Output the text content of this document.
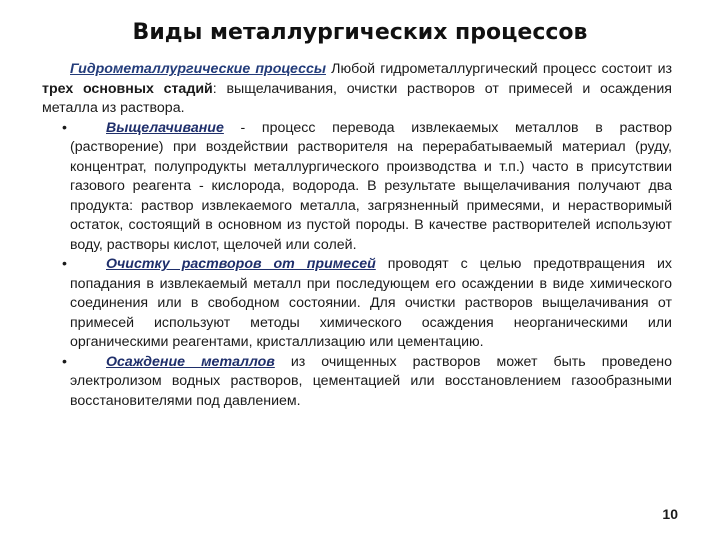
Виды металлургических процессов

Гидрометаллургические процессы Любой гидрометаллургический процесс состоит из трех основных стадий: выщелачивания, очистки растворов от примесей и осаждения металла из раствора.

•	Выщелачивание - процесс перевода извлекаемых металлов в раствор (растворение) при воздействии растворителя на перерабатываемый материал (руду, концентрат, полупродукты металлургического производства и т.п.) часто в присутствии газового реагента - кислорода, водорода. В результате выщелачивания получают два продукта: раствор извлекаемого металла, загрязненный примесями, и нерастворимый остаток, состоящий в основном из пустой породы. В качестве растворителей используют воду, растворы кислот, щелочей или солей.

•	Очистку растворов от примесей проводят с целью предотвращения их попадания в извлекаемый металл при последующем его осаждении в виде химического соединения или в свободном состоянии. Для очистки растворов выщелачивания от примесей используют методы химического осаждения неорганическими или органическими реагентами, кристаллизацию или цементацию.

•	Осаждение металлов из очищенных растворов может быть проведено электролизом водных растворов, цементацией или восстановлением газообразными восстановителями под давлением.

10
